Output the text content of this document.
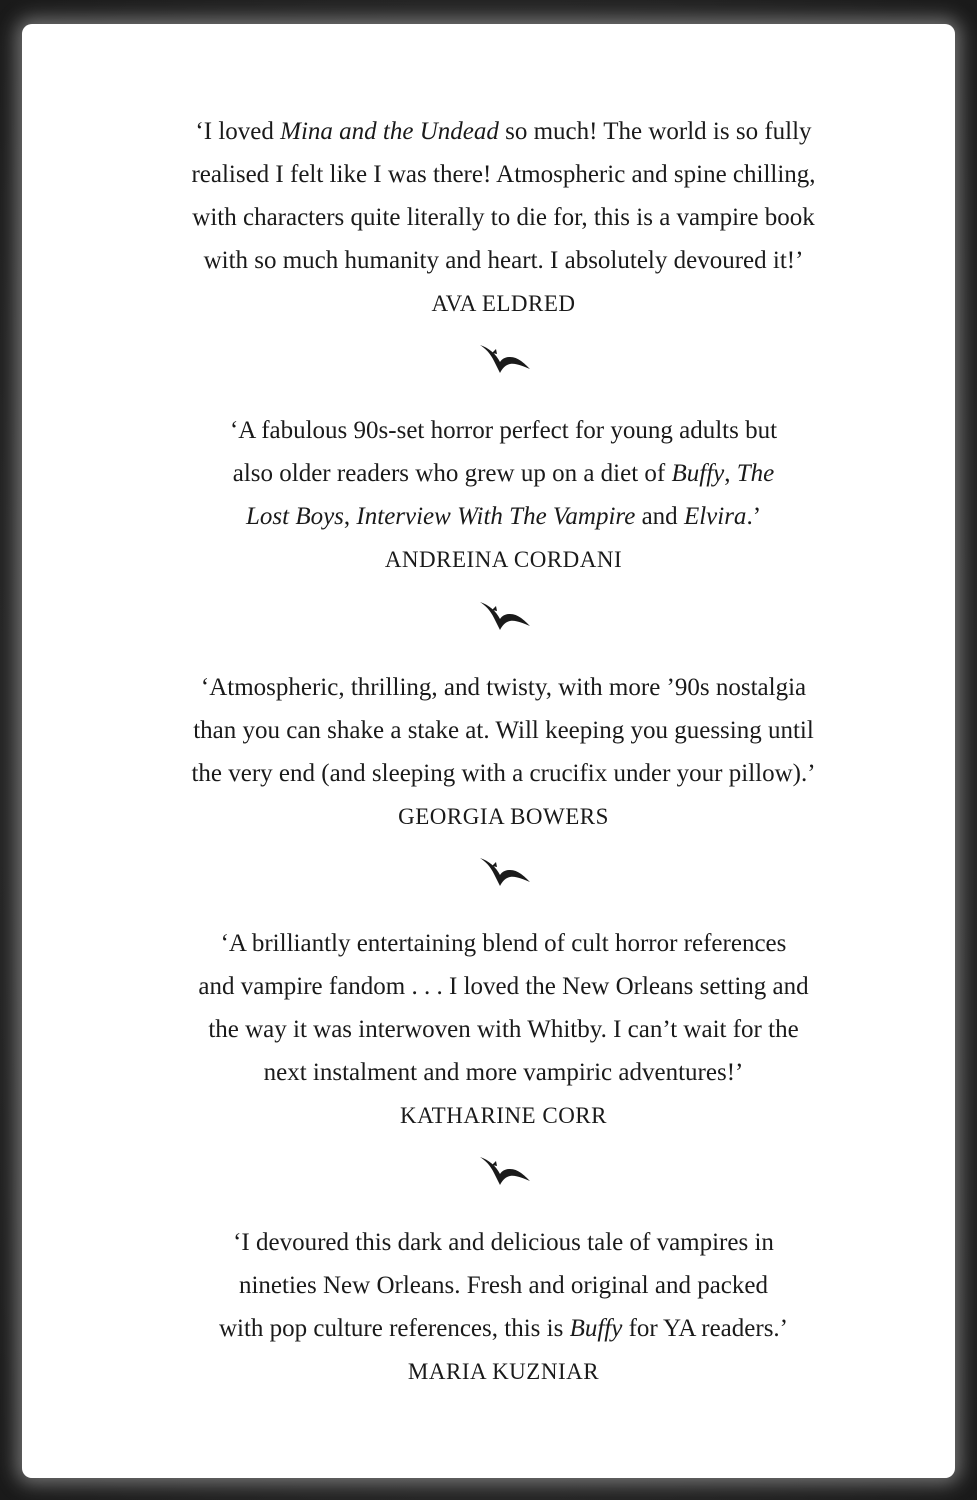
‘I loved Mina and the Undead so much! The world is so fully
realised I felt like I was there! Atmospheric and spine chilling,
with characters quite literally to die for, this is a vampire book
with so much humanity and heart. I absolutely devoured it!’

AVA ELDRED

‘A fabulous 90s-set horror perfect for young adults but
also older readers who grew up on a diet of Buffy, The
Lost Boys, Interview With The Vampire and Elvira.’

ANDREINA CORDANI

‘Atmospheric, thrilling, and twisty, with more ’90s nostalgia
than you can shake a stake at. Will keeping you guessing until
the very end (and sleeping with a crucifix under your pillow).’

GEORGIA BOWERS

‘A brilliantly entertaining blend of cult horror references
and vampire fandom . . . I loved the New Orleans setting and
the way it was interwoven with Whitby. I can’t wait for the
next instalment and more vampiric adventures!’

KATHARINE CORR

‘I devoured this dark and delicious tale of vampires in
nineties New Orleans. Fresh and original and packed
with pop culture references, this is Buffy for YA readers.’

MARIA KUZNIAR
